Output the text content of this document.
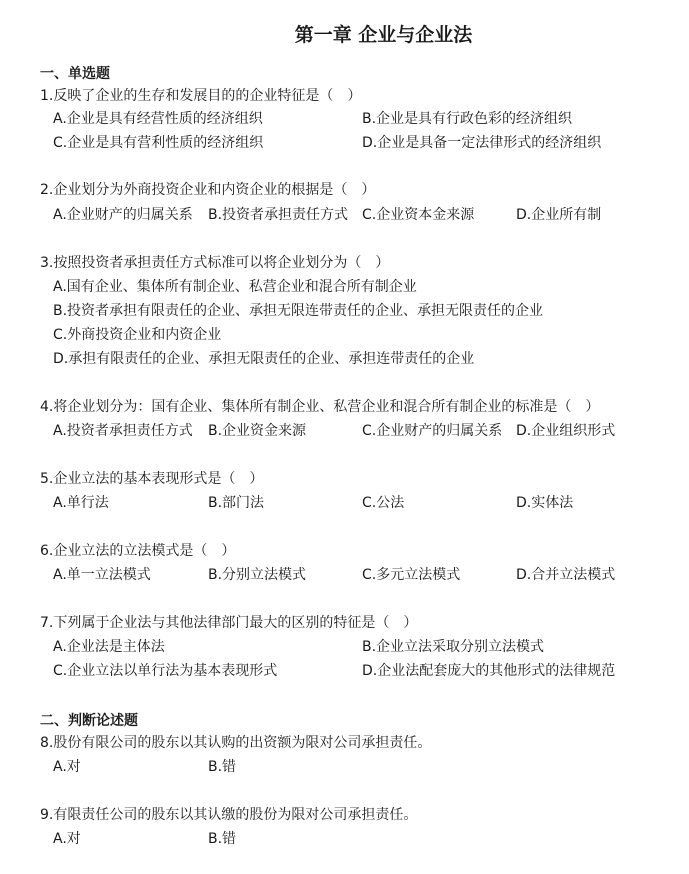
第一章 企业与企业法
一、单选题
1.反映了企业的生存和发展目的的企业特征是（　）
A.企业是具有经营性质的经济组织	B.企业是具有行政色彩的经济组织
C.企业是具有营利性质的经济组织	D.企业是具备一定法律形式的经济组织
2.企业划分为外商投资企业和内资企业的根据是（　）
A.企业财产的归属关系 B.投资者承担责任方式 C.企业资本金来源	D.企业所有制
3.按照投资者承担责任方式标准可以将企业划分为（　）
A.国有企业、集体所有制企业、私营企业和混合所有制企业
B.投资者承担有限责任的企业、承担无限连带责任的企业、承担无限责任的企业
C.外商投资企业和内资企业
D.承担有限责任的企业、承担无限责任的企业、承担连带责任的企业
4.将企业划分为：国有企业、集体所有制企业、私营企业和混合所有制企业的标准是（　）
A.投资者承担责任方式 B.企业资金来源	C.企业财产的归属关系 D.企业组织形式
5.企业立法的基本表现形式是（　）
A.单行法	B.部门法	C.公法	D.实体法
6.企业立法的立法模式是（　）
A.单一立法模式	B.分别立法模式	C.多元立法模式	D.合并立法模式
7.下列属于企业法与其他法律部门最大的区别的特征是（　）
A.企业法是主体法	B.企业立法采取分别立法模式
C.企业立法以单行法为基本表现形式	D.企业法配套庞大的其他形式的法律规范
二、判断论述题
8.股份有限公司的股东以其认购的出资额为限对公司承担责任。
A.对	B.错
9.有限责任公司的股东以其认缴的股份为限对公司承担责任。
A.对	B.错
